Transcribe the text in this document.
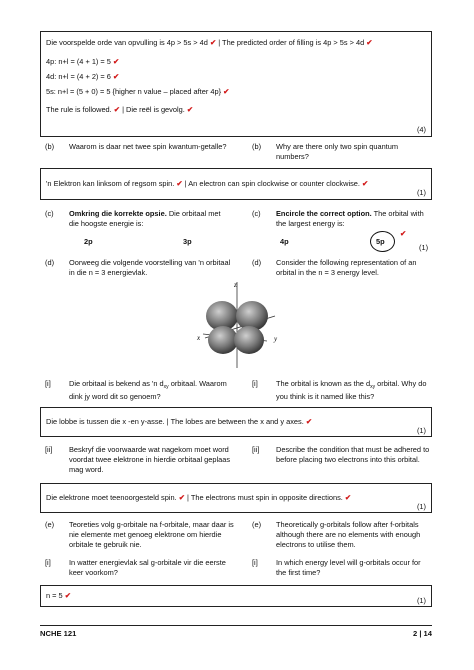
Die voorspelde orde van opvulling is 4p > 5s > 4d ✔ | The predicted order of filling is 4p > 5s > 4d ✔
4p: n+l = (4 + 1) = 5 ✔
4d: n+l = (4 + 2) = 6 ✔
5s: n+l = (5 + 0) = 5 {higher n value – placed after 4p} ✔
The rule is followed. ✔ | Die reël is gevolg. ✔
(4)
(b) Waarom is daar net twee spin kwantum-getalle?	(b) Why are there only two spin quantum numbers?
'n Elektron kan linksom of regsom spin. ✔ | An electron can spin clockwise or counter clockwise. ✔
(1)
(c) Omkring die korrekte opsie. Die orbitaal met die hoogste energie is:
(c) Encircle the correct option. The orbital with the largest energy is:
2p	3p	4p	5p
✔
(1)
(d) Oorweeg die volgende voorstelling van 'n orbitaal in die n = 3 energievlak.
(d) Consider the following representation of an orbital in the n = 3 energy level.
z
x	y
[i] Die orbitaal is bekend as 'n $d_{xy}$ orbitaal. Waarom dink jy word dit so genoem?
[i] The orbital is known as the $d_{xy}$ orbital. Why do you think is it named like this?
Die lobbe is tussen die x -en y-asse. | The lobes are between the x and y axes. ✔
(1)
[ii] Beskryf die voorwaarde wat nagekom moet word voordat twee elektrone in hierdie orbitaal geplaas mag word.
[ii] Describe the condition that must be adhered to before placing two electrons into this orbital.
Die elektrone moet teenoorgesteld spin. ✔ | The electrons must spin in opposite directions. ✔
(1)
(e) Teoreties volg g-orbitale na f-orbitale, maar daar is nie elemente met genoeg elektrone om hierdie orbitale te gebruik nie.
(e) Theoretically g-orbitals follow after f-orbitals although there are no elements with enough electrons to utilise them.
[i] In watter energievlak sal g-orbitale vir die eerste keer voorkom?
[i] In which energy level will g-orbitals occur for the first time?
n = 5 ✔
(1)
NCHE 121	2 | 14
